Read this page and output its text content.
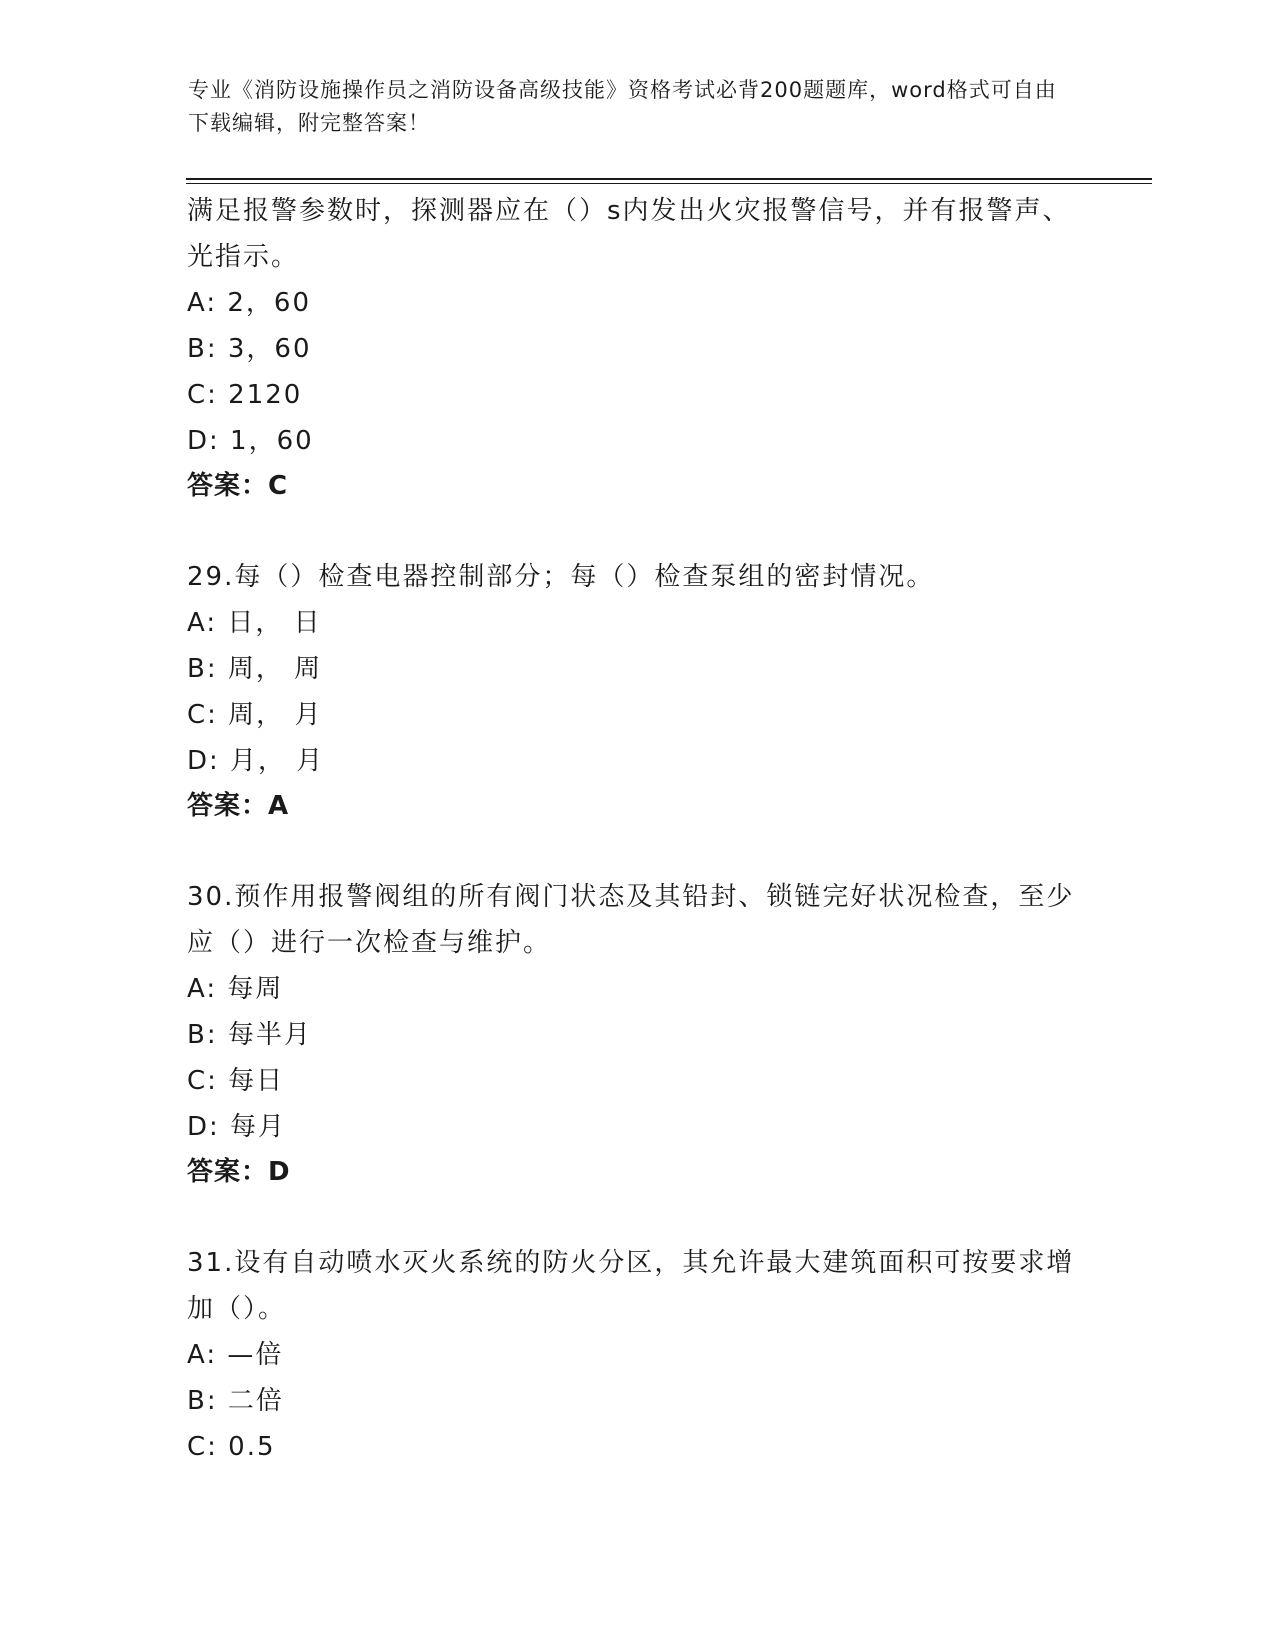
专业《消防设施操作员之消防设备高级技能》资格考试必背200题题库，word格式可自由下载编辑，附完整答案！

满足报警参数时，探测器应在（）s内发出火灾报警信号，并有报警声、光指示。

A: 2，60

B: 3，60

C: 2120

D: 1，60

答案：C

29.每（）检查电器控制部分；每（）检查泵组的密封情况。

A: 日， 日

B: 周， 周

C: 周， 月

D: 月， 月

答案：A

30.预作用报警阀组的所有阀门状态及其铅封、锁链完好状况检查，至少应（）进行一次检查与维护。

A: 每周

B: 每半月

C: 每日

D: 每月

答案：D

31.设有自动喷水灭火系统的防火分区，其允许最大建筑面积可按要求增加（）。

A: —倍

B: 二倍

C: 0.5
